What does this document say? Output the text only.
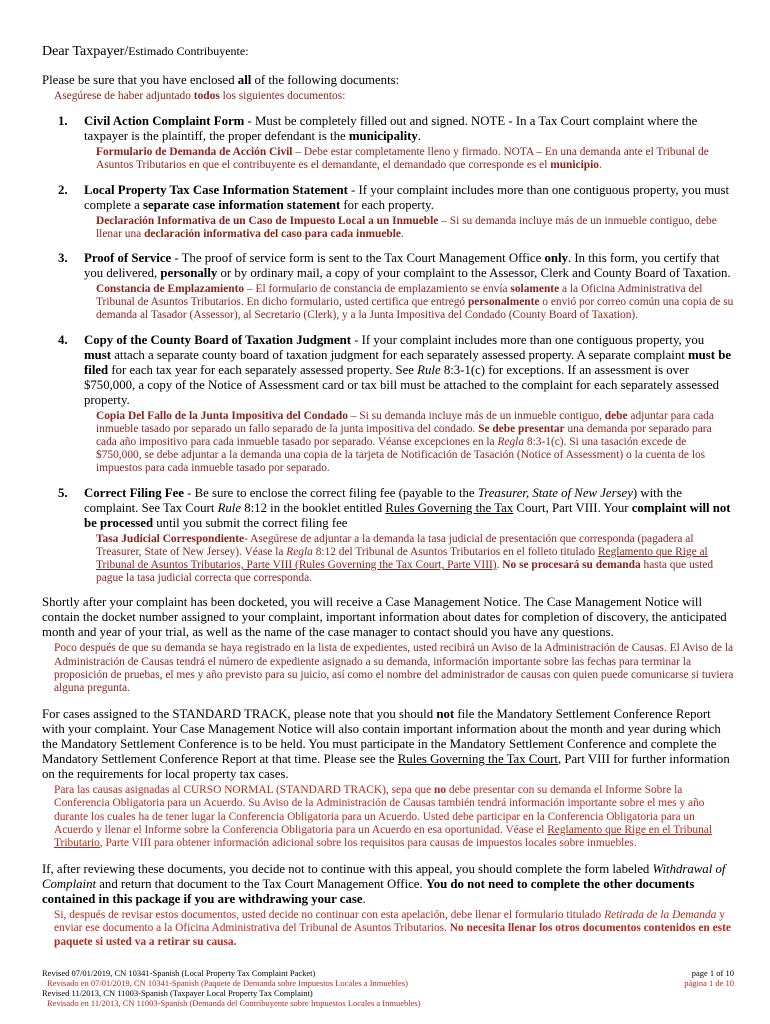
Dear Taxpayer/Estimado Contribuyente:

Please be sure that you have enclosed all of the following documents:
Asegúrese de haber adjuntado todos los siguientes documentos:
1. Civil Action Complaint Form - Must be completely filled out and signed. NOTE - In a Tax Court complaint where the taxpayer is the plaintiff, the proper defendant is the municipality.
Formulario de Demanda de Acción Civil – Debe estar completamente lleno y firmado. NOTA – En una demanda ante el Tribunal de Asuntos Tributarios en que el contribuyente es el demandante, el demandado que corresponde es el municipio.
2. Local Property Tax Case Information Statement - If your complaint includes more than one contiguous property, you must complete a separate case information statement for each property.
Declaración Informativa de un Caso de Impuesto Local a un Inmueble – Si su demanda incluye más de un inmueble contiguo, debe llenar una declaración informativa del caso para cada inmueble.
3. Proof of Service - The proof of service form is sent to the Tax Court Management Office only. In this form, you certify that you delivered, personally or by ordinary mail, a copy of your complaint to the Assessor, Clerk and County Board of Taxation.
Constancia de Emplazamiento – El formulario de constancia de emplazamiento se envía solamente a la Oficina Administrativa del Tribunal de Asuntos Tributarios. En dicho formulario, usted certifica que entregó personalmente o envió por correo común una copia de su demanda al Tasador (Assessor), al Secretario (Clerk), y a la Junta Impositiva del Condado (County Board of Taxation).
4. Copy of the County Board of Taxation Judgment - If your complaint includes more than one contiguous property, you must attach a separate county board of taxation judgment for each separately assessed property. A separate complaint must be filed for each tax year for each separately assessed property. See Rule 8:3-1(c) for exceptions. If an assessment is over $750,000, a copy of the Notice of Assessment card or tax bill must be attached to the complaint for each separately assessed property.
Copia Del Fallo de la Junta Impositiva del Condado – Si su demanda incluye más de un inmueble contiguo, debe adjuntar para cada inmueble tasado por separado un fallo separado de la junta impositiva del condado. Se debe presentar una demanda por separado para cada año impositivo para cada inmueble tasado por separado. Véanse excepciones en la Regla 8:3-1(c). Si una tasación excede de $750,000, se debe adjuntar a la demanda una copia de la tarjeta de Notificación de Tasación (Notice of Assessment) o la cuenta de los impuestos para cada inmueble tasado por separado.
5. Correct Filing Fee - Be sure to enclose the correct filing fee (payable to the Treasurer, State of New Jersey) with the complaint. See Tax Court Rule 8:12 in the booklet entitled Rules Governing the Tax Court, Part VIII. Your complaint will not be processed until you submit the correct filing fee
Tasa Judicial Correspondiente- Asegúrese de adjuntar a la demanda la tasa judicial de presentación que corresponda (pagadera al Treasurer, State of New Jersey). Véase la Regla 8:12 del Tribunal de Asuntos Tributarios en el folleto titulado Reglamento que Rige al Tribunal de Asuntos Tributarios, Parte VIII (Rules Governing the Tax Court, Parte VIII). No se procesará su demanda hasta que usted pague la tasa judicial correcta que corresponda.
Shortly after your complaint has been docketed, you will receive a Case Management Notice. The Case Management Notice will contain the docket number assigned to your complaint, important information about dates for completion of discovery, the anticipated month and year of your trial, as well as the name of the case manager to contact should you have any questions.
Poco después de que su demanda se haya registrado en la lista de expedientes, usted recibirá un Aviso de la Administración de Causas. El Aviso de la Administración de Causas tendrá el número de expediente asignado a su demanda, información importante sobre las fechas para terminar la proposición de pruebas, el mes y año previsto para su juicio, así como el nombre del administrador de causas con quien puede comunicarse si tuviera alguna pregunta.
For cases assigned to the STANDARD TRACK, please note that you should not file the Mandatory Settlement Conference Report with your complaint. Your Case Management Notice will also contain important information about the month and year during which the Mandatory Settlement Conference is to be held. You must participate in the Mandatory Settlement Conference and complete the Mandatory Settlement Conference Report at that time. Please see the Rules Governing the Tax Court, Part VIII for further information on the requirements for local property tax cases.
Para las causas asignadas al CURSO NORMAL (STANDARD TRACK), sepa que no debe presentar con su demanda el Informe Sobre la Conferencia Obligatoria para un Acuerdo. Su Aviso de la Administración de Causas también tendrá información importante sobre el mes y año durante los cuales ha de tener lugar la Conferencia Obligatoria para un Acuerdo. Usted debe participar en la Conferencia Obligatoria para un Acuerdo y llenar el Informe sobre la Conferencia Obligatoria para un Acuerdo en esa oportunidad. Véase el Reglamento que Rige en el Tribunal Tributario, Parte VIII para obtener información adicional sobre los requisitos para causas de impuestos locales sobre inmuebles.
If, after reviewing these documents, you decide not to continue with this appeal, you should complete the form labeled Withdrawal of Complaint and return that document to the Tax Court Management Office. You do not need to complete the other documents contained in this package if you are withdrawing your case.
Si, después de revisar estos documentos, usted decide no continuar con esta apelación, debe llenar el formulario titulado Retirada de la Demanda y enviar ese documento a la Oficina Administrativa del Tribunal de Asuntos Tributarios. No necesita llenar los otros documentos contenidos en este paquete si usted va a retirar su causa.
Revised 07/01/2019, CN 10341-Spanish (Local Property Tax Complaint Packet)
Revisado en 07/01/2019, CN 10341-Spanish (Paquete de Demanda sobre Impuestos Locales a Inmuebles)
Revised 11/2013, CN 11003-Spanish (Taxpayer Local Property Tax Complaint)
Revisado en 11/2013, CN 11003-Spanish (Demanda del Contribuyente sobre Impuestos Locales a Inmuebles)
page 1 of 10
página 1 de 10
